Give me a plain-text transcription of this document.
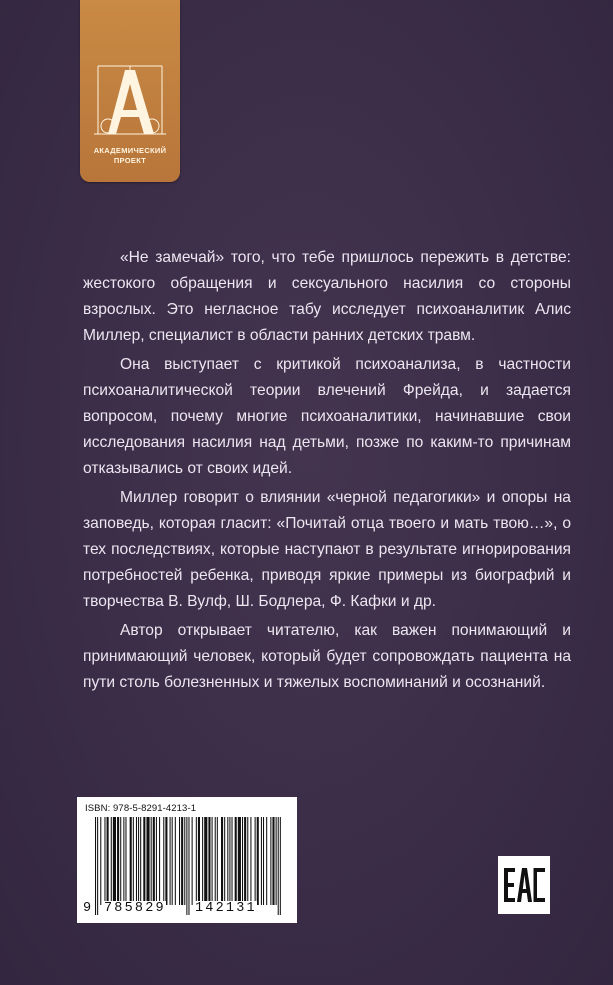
АКАДЕМИЧЕСКИЙ
ПРОЕКТ

«Не замечай» того, что тебе пришлось пережить в детстве: жестокого обращения и сексуального насилия со стороны взрослых. Это негласное табу исследует психоаналитик Алис Миллер, специалист в области ранних детских травм.

Она выступает с критикой психоанализа, в частности психоаналитической теории влечений Фрейда, и задается вопросом, почему многие психоаналитики, начинавшие свои исследования насилия над детьми, позже по каким-то причинам отказывались от своих идей.

Миллер говорит о влиянии «черной педагогики» и опоры на заповедь, которая гласит: «Почитай отца твоего и мать твою…», о тех последствиях, которые наступают в результате игнорирования потребностей ребенка, приводя яркие примеры из биографий и творчества В. Вулф, Ш. Бодлера, Ф. Кафки и др.

Автор открывает читателю, как важен понимающий и принимающий человек, который будет сопровождать пациента на пути столь болезненных и тяжелых воспоминаний и осознаний.

ISBN: 978-5-8291-4213-1
9 785829 142131
